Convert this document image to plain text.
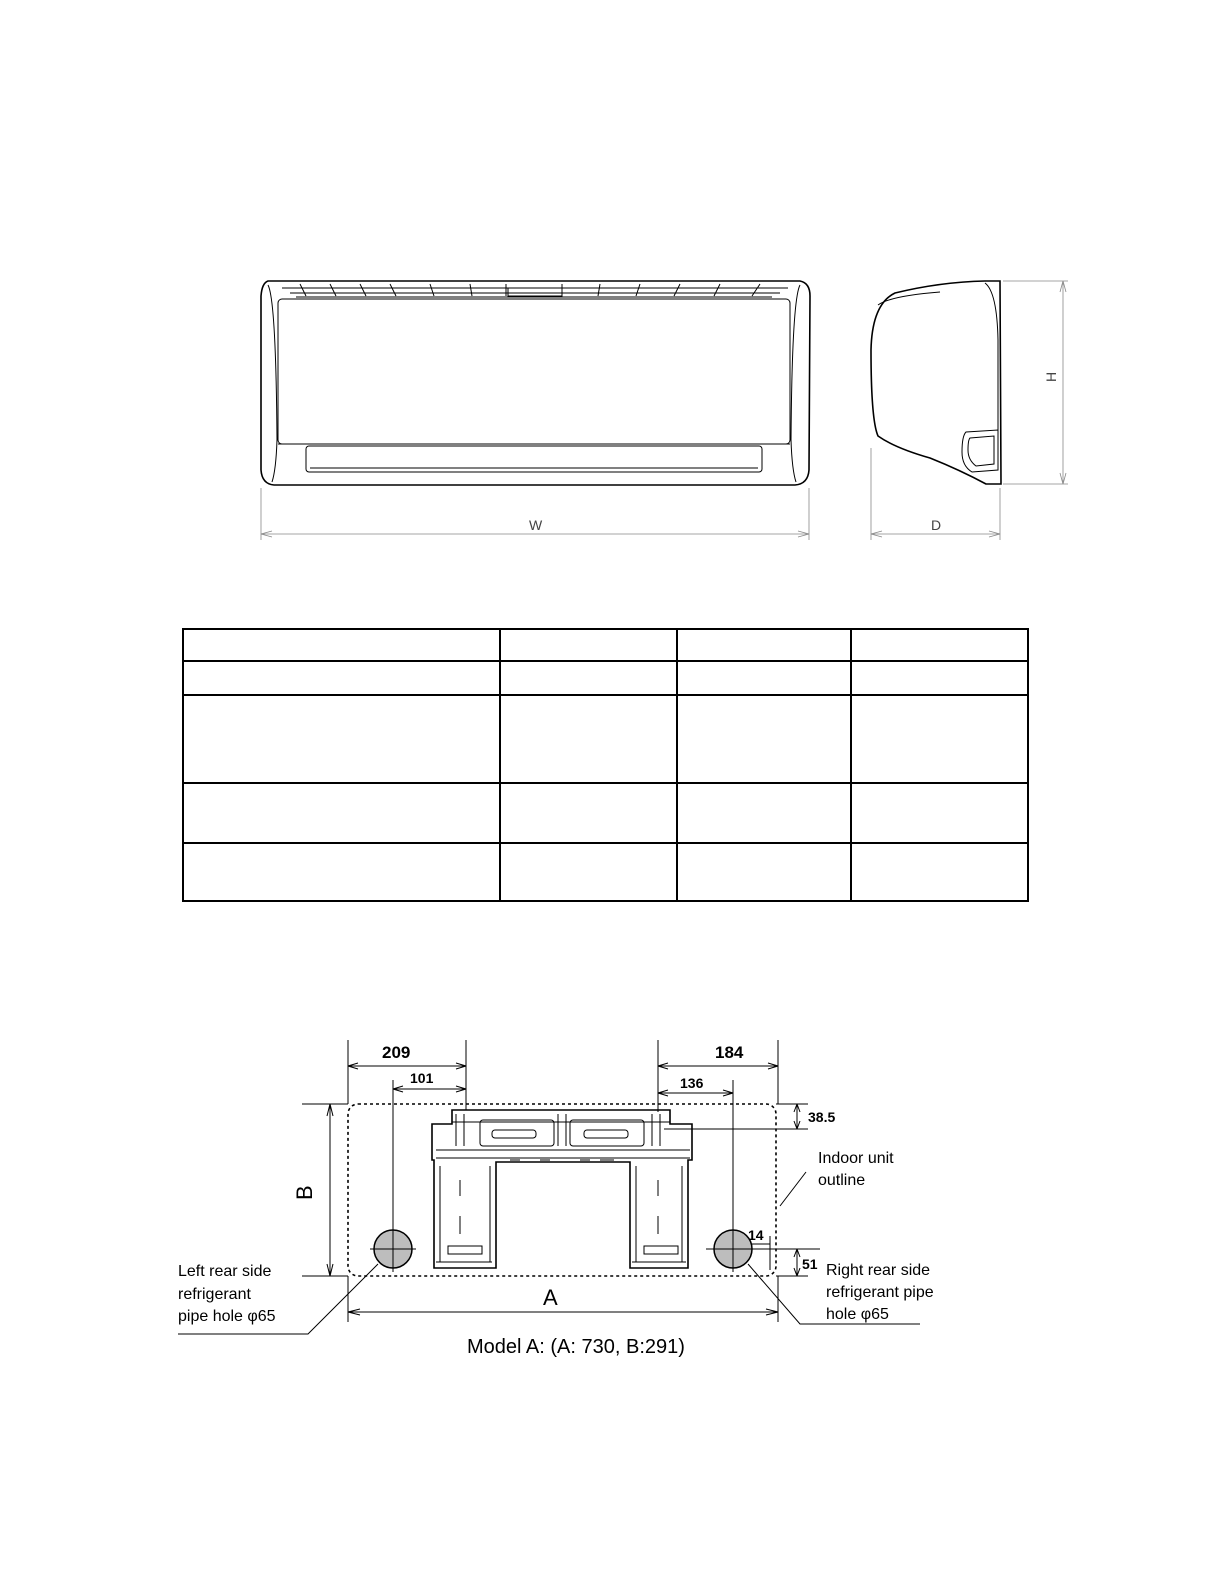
W
H
D
209
101
184
136
38.5
51
14
A
B
Indoor unit
outline
Left rear side
refrigerant
pipe hole φ65
Right rear side
refrigerant pipe
hole φ65
Model A: (A: 730, B:291)
